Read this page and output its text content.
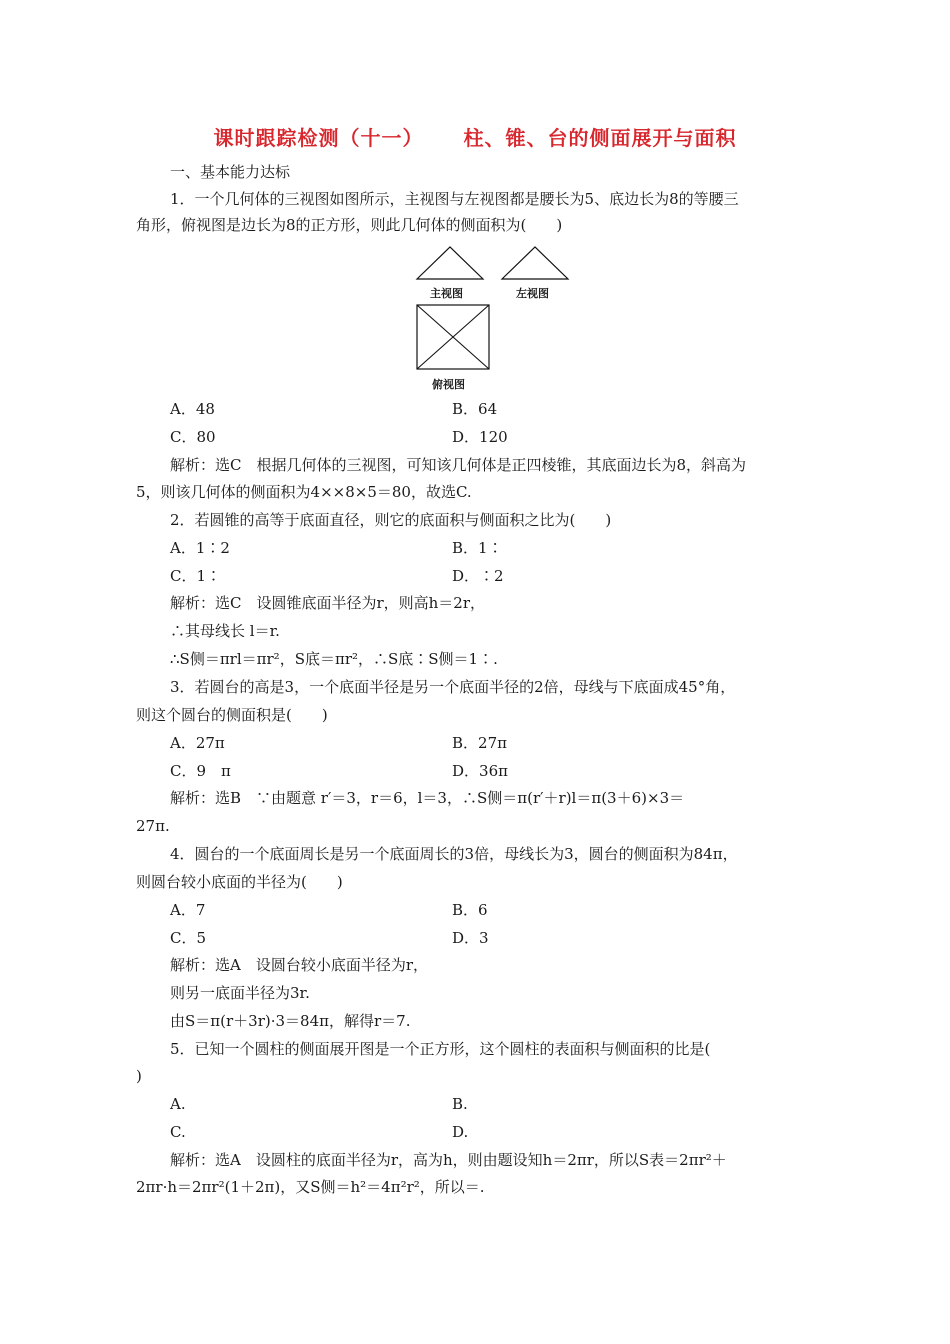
课时跟踪检测（十一） 柱、锥、台的侧面展开与面积
一、基本能力达标
1．一个几何体的三视图如图所示，主视图与左视图都是腰长为5、底边长为8的等腰三
角形，俯视图是边长为8的正方形，则此几何体的侧面积为(　　)
主视图	左视图
俯视图
A．48	B．64
C．80	D．120
解析：选C　根据几何体的三视图，可知该几何体是正四棱锥，其底面边长为8，斜高为
5，则该几何体的侧面积为4××8×5＝80，故选C.
2．若圆锥的高等于底面直径，则它的底面积与侧面积之比为(　　)
A．1∶2	B．1∶
C．1∶	D．∶2
解析：选C　设圆锥底面半径为r，则高h＝2r，
∴其母线长 l＝r.
∴S侧＝πrl＝πr²，S底＝πr²，∴S底∶S侧＝1∶.
3．若圆台的高是3，一个底面半径是另一个底面半径的2倍，母线与下底面成45°角，
则这个圆台的侧面积是(　　)
A．27π	B．27π
C．9　π	D．36π
解析：选B　∵由题意 r′＝3，r＝6，l＝3，∴S侧＝π(r′＋r)l＝π(3＋6)×3＝
27π.
4．圆台的一个底面周长是另一个底面周长的3倍，母线长为3，圆台的侧面积为84π，
则圆台较小底面的半径为(　　)
A．7	B．6
C．5	D．3
解析：选A　设圆台较小底面半径为r，
则另一底面半径为3r.
由S＝π(r＋3r)·3＝84π，解得r＝7.
5．已知一个圆柱的侧面展开图是一个正方形，这个圆柱的表面积与侧面积的比是(
)
A.	B.
C.	D.
解析：选A　设圆柱的底面半径为r，高为h，则由题设知h＝2πr，所以S表＝2πr²＋
2πr·h＝2πr²(1＋2π)，又S侧＝h²＝4π²r²，所以＝.
